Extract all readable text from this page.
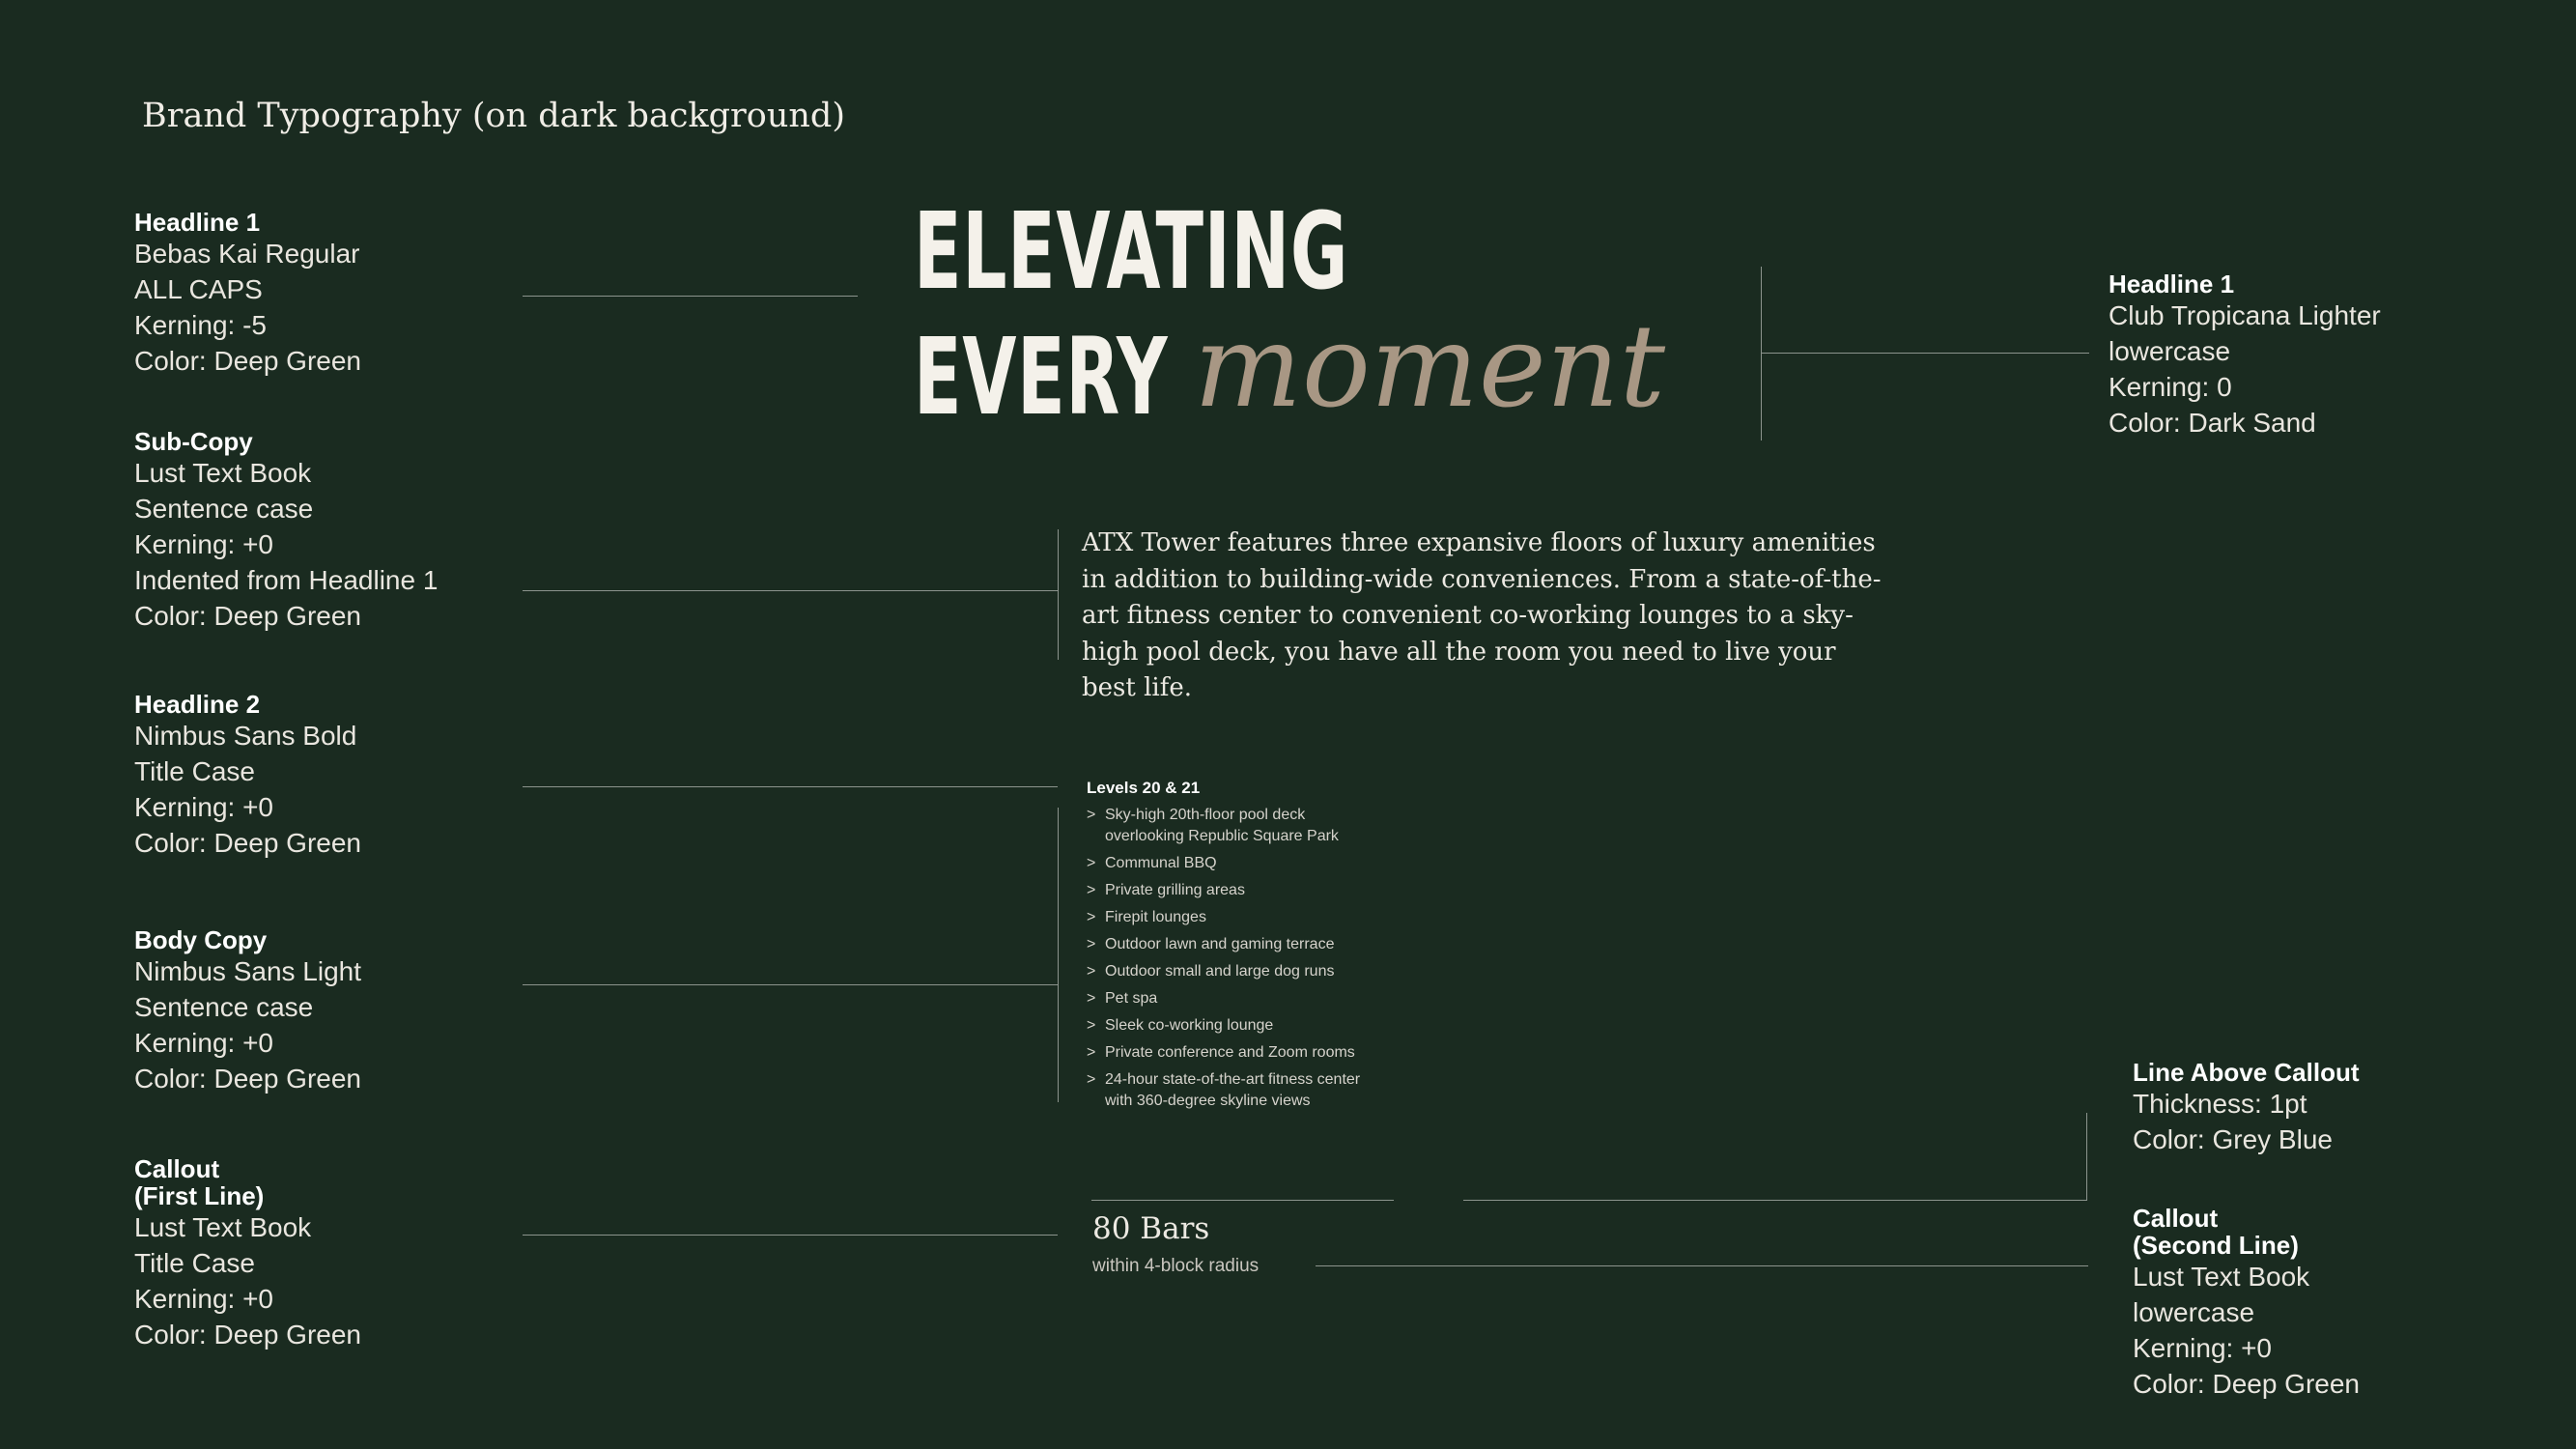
Brand Typography (on dark background)
Headline 1
Bebas Kai Regular
ALL CAPS
Kerning: -5
Color: Deep Green
Sub-Copy
Lust Text Book
Sentence case
Kerning: +0
Indented from Headline 1
Color: Deep Green
Headline 2
Nimbus Sans Bold
Title Case
Kerning: +0
Color: Deep Green
Body Copy
Nimbus Sans Light
Sentence case
Kerning: +0
Color: Deep Green
Callout
(First Line)
Lust Text Book
Title Case
Kerning: +0
Color: Deep Green
Headline 1
Club Tropicana Lighter
lowercase
Kerning: 0
Color: Dark Sand
Line Above Callout
Thickness: 1pt
Color: Grey Blue
Callout
(Second Line)
Lust Text Book
lowercase
Kerning: +0
Color: Deep Green
ELEVATING
EVERY moment
ATX Tower features three expansive floors of luxury amenities in addition to building-wide conveniences. From a state-of-the-art fitness center to convenient co-working lounges to a sky-high pool deck, you have all the room you need to live your best life.
Levels 20 & 21
> Sky-high 20th-floor pool deck
overlooking Republic Square Park
> Communal BBQ
> Private grilling areas
> Firepit lounges
> Outdoor lawn and gaming terrace
> Outdoor small and large dog runs
> Pet spa
> Sleek co-working lounge
> Private conference and Zoom rooms
> 24-hour state-of-the-art fitness center
with 360-degree skyline views
80 Bars
within 4-block radius
